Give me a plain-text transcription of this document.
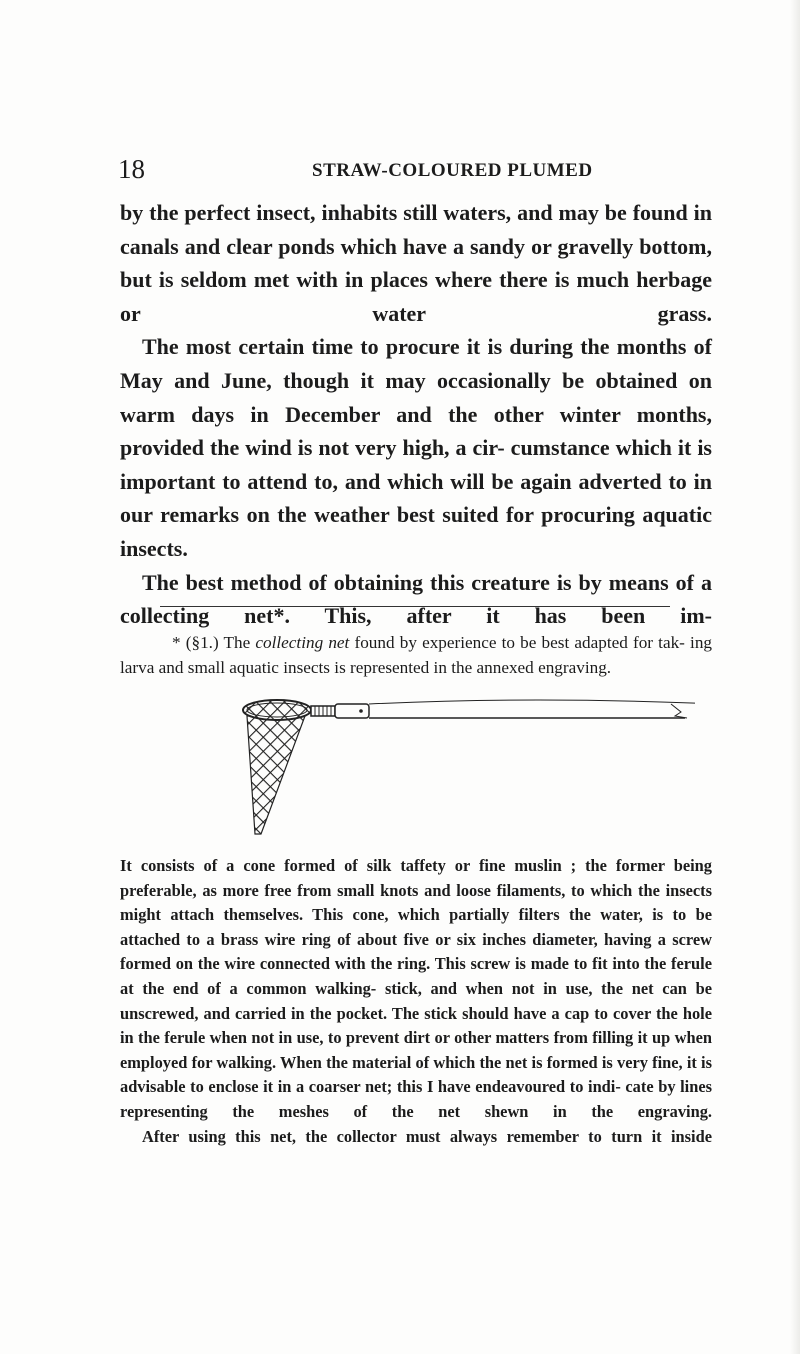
18	STRAW-COLOURED PLUMED

by the perfect insect, inhabits still waters, and may be found in canals and clear ponds which have a sandy or gravelly bottom, but is seldom met with in places where there is much herbage or water grass.

The most certain time to procure it is during the months of May and June, though it may occasionally be obtained on warm days in December and the other winter months, provided the wind is not very high, a cir- cumstance which it is important to attend to, and which will be again adverted to in our remarks on the weather best suited for procuring aquatic insects.

The best method of obtaining this creature is by means of a collecting net*. This, after it has been im-

* (§1.) The collecting net found by experience to be best adapted for tak- ing larva and small aquatic insects is represented in the annexed engraving.

It consists of a cone formed of silk taffety or fine muslin ; the former being preferable, as more free from small knots and loose filaments, to which the insects might attach themselves. This cone, which partially filters the water, is to be attached to a brass wire ring of about five or six inches diameter, having a screw formed on the wire connected with the ring. This screw is made to fit into the ferule at the end of a common walking- stick, and when not in use, the net can be unscrewed, and carried in the pocket. The stick should have a cap to cover the hole in the ferule when not in use, to prevent dirt or other matters from filling it up when employed for walking. When the material of which the net is formed is very fine, it is advisable to enclose it in a coarser net; this I have endeavoured to indi- cate by lines representing the meshes of the net shewn in the engraving.

After using this net, the collector must always remember to turn it inside
